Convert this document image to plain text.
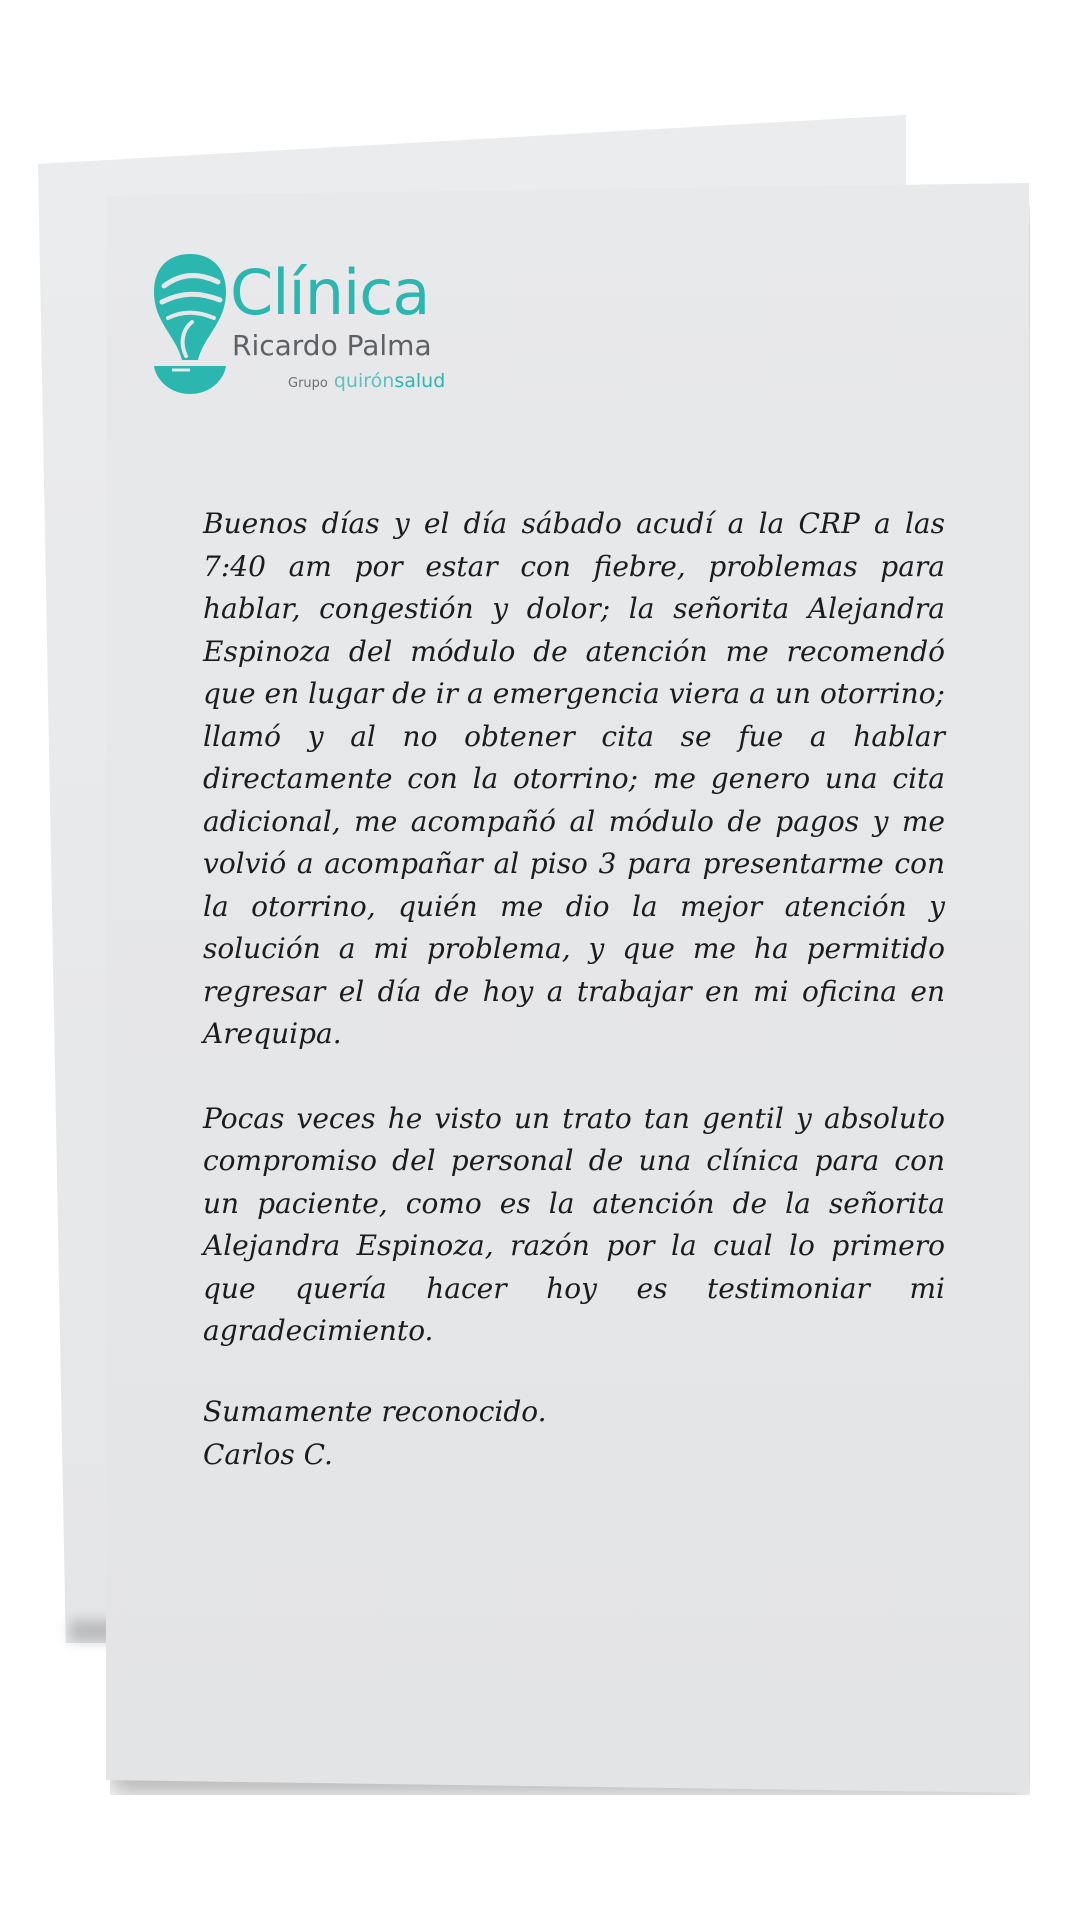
Clínica
Ricardo Palma
Grupo quirón salud

Buenos días y el día sábado acudí a la CRP a las 7:40 am por estar con fiebre, problemas para hablar, congestión y dolor; la señorita Alejandra Espinoza del módulo de atención me recomendó que en lugar de ir a emergencia viera a un otorrino; llamó y al no obtener cita se fue a hablar directamente con la otorrino; me genero una cita adicional, me acompañó al módulo de pagos y me volvió a acompañar al piso 3 para presentarme con la otorrino, quién me dio la mejor atención y solución a mi problema, y que me ha permitido regresar el día de hoy a trabajar en mi oficina en Arequipa.

Pocas veces he visto un trato tan gentil y absoluto compromiso del personal de una clínica para con un paciente, como es la atención de la señorita Alejandra Espinoza, razón por la cual lo primero que quería hacer hoy es testimoniar mi agradecimiento.

Sumamente reconocido.
Carlos C.
